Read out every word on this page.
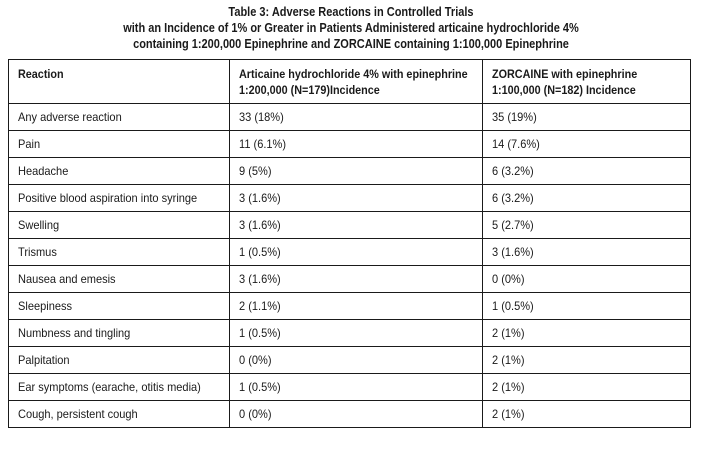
Table 3: Adverse Reactions in Controlled Trials
with an Incidence of 1% or Greater in Patients Administered articaine hydrochloride 4%
containing 1:200,000 Epinephrine and ZORCAINE containing 1:100,000 Epinephrine
Reaction	Articaine hydrochloride 4% with epinephrine 1:200,000 (N=179)Incidence	ZORCAINE with epinephrine 1:100,000 (N=182) Incidence

Any adverse reaction	33 (18%)	35 (19%)
Pain	11 (6.1%)	14 (7.6%)
Headache	9 (5%)	6 (3.2%)
Positive blood aspiration into syringe	3 (1.6%)	6 (3.2%)
Swelling	3 (1.6%)	5 (2.7%)
Trismus	1 (0.5%)	3 (1.6%)
Nausea and emesis	3 (1.6%)	0 (0%)
Sleepiness	2 (1.1%)	1 (0.5%)
Numbness and tingling	1 (0.5%)	2 (1%)
Palpitation	0 (0%)	2 (1%)
Ear symptoms (earache, otitis media)	1 (0.5%)	2 (1%)
Cough, persistent cough	0 (0%)	2 (1%)
